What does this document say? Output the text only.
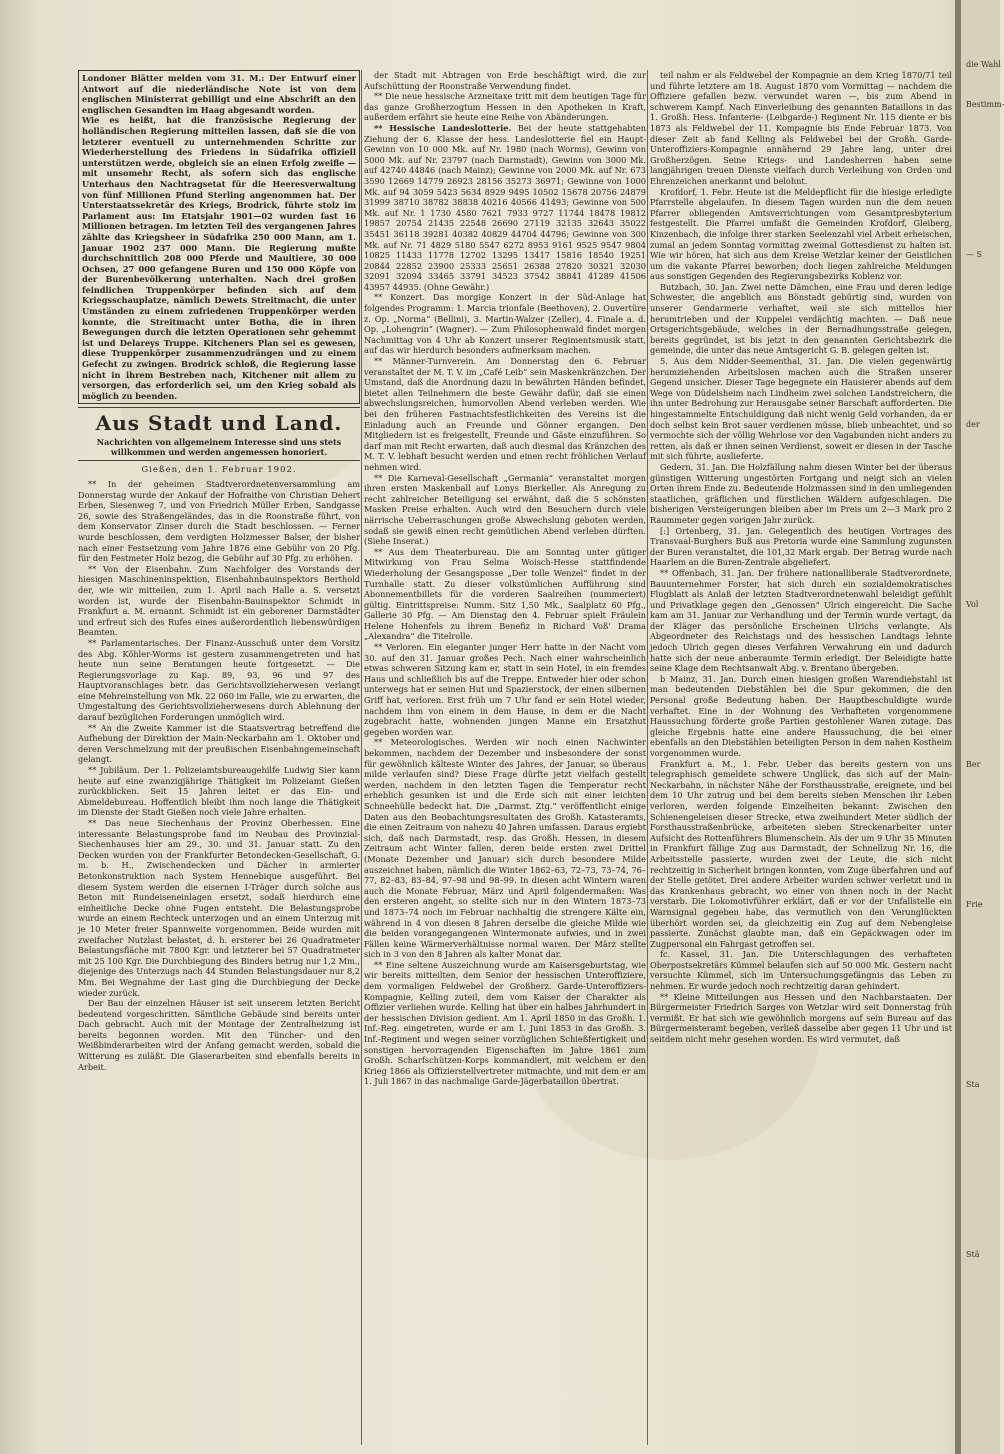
Londoner Blätter melden vom 31. M.: Der Entwurf einer Antwort auf die niederländische Note ist von dem englischen Ministerrat gebilligt und eine Abschrift an den englischen Gesandten im Haag abgesandt worden.

Wie es heißt, hat die französische Regierung der holländischen Regierung mitteilen lassen, daß sie die von letzterer eventuell zu unternehmenden Schritte zur Wiederherstellung des Friedens in Südafrika offiziell unterstützen werde, obgleich sie an einen Erfolg zweifle — mit unsomehr Recht, als sofern sich das englische Unterhaus den Nachtragsetat für die Heeresverwaltung von fünf Millionen Pfund Sterling angenommen hat. Der Unterstaatssekretär des Kriegs, Brodrick, führte stolz im Parlament aus: Im Etatsjahr 1901—02 wurden fast 16 Millionen betragen. Im letzten Teil des vergangenen Jahres zählte das Kriegsheer in Südafrika 250 000 Mann, am 1. Januar 1902 237 000 Mann. Die Regierung mußte durchschnittlich 208 000 Pferde und Maultiere, 30 000 Ochsen, 27 000 gefangene Buren und 150 000 Köpfe von der Burenbevölkerung unterhalten. Nach drei großen feindlichen Truppenkörper befinden sich auf dem Kriegsschauplatze, nämlich Dewets Streitmacht, die unter Umständen zu einem zufriedenen Truppenkörper werden konnte, die Streitmacht unter Botha, die in ihren Bewegungen durch die letzten Operationen sehr gehemmt ist und Delareys Truppe. Kitcheners Plan sei es gewesen, diese Truppenkörper zusammenzudrängen und zu einem Gefecht zu zwingen. Brodrick schloß, die Regierung lasse nicht in ihrem Bestreben nach, Kitchener mit allem zu versorgen, das erforderlich sei, um den Krieg sobald als möglich zu beenden.

Aus Stadt und Land.
Nachrichten von allgemeinem Interesse sind uns stets willkommen und werden angemessen honoriert.
Gießen, den 1. Februar 1902.

** In der geheimen Stadtverordnetenversammlung am Donnerstag wurde der Ankauf der Hofraithe von Christian Dehert Erben, Siesenweg 7, und von Friedrich Müller Erben, Sandgasse 26, sowie des Straßengeländes, das in die Roonstraße führt, von dem Konservator Zinser durch die Stadt beschlossen. — Ferner wurde beschlossen, dem verdigten Holzmesser Balser, der bisher nach einer Festsetzung vom Jahre 1876 eine Gebühr von 20 Pfg. für den Festmeter Holz bezog, die Gebühr auf 30 Pfg. zu erhöhen.

** Von der Eisenbahn. Zum Nachfolger des Vorstands der hiesigen Maschineninspektion, Eisenbahnbauinspektors Berthold der, wie wir mitteilen, zum 1. April nach Halle a. S. versetzt worden ist, wurde der Eisenbahn-Bauinspektor Schmidt in Frankfurt a. M. ernannt. Schmidt ist ein geborener Darmstädter und erfreut sich des Rufes eines außerordentlich liebenswürdigen Beamten.

** Parlamentarisches. Der Finanz-Ausschuß unter dem Vorsitz des Abg. Köhler-Worms ist gestern zusammengetreten und hat heute nun seine Beratungen heute fortgesetzt. — Die Regierungsvorlage zu Kap. 89, 93, 96 und 97 des Hauptvoranschlages betr. das Gerichtsvollzieherwesen verlangt eine Mehreinstellung von Mk. 22 060 im Falle, wie zu erwarten, die Umgestaltung des Gerichtsvollzieherwesens durch Ablehnung der darauf bezüglichen Forderungen unmöglich wird.

** An die Zweite Kammer ist die Staatsvertrag betreffend die Aufhebung der Direktion der Main-Neckarbahn am 1. Oktober und deren Verschmelzung mit der preußischen Eisenbahngemeinschaft gelangt.

** Jubiläum. Der 1. Polizeiamtsbureaugehilfe Ludwig Sier kann heute auf eine zwanzigjährige Thätigkeit im Polizeiamt Gießen zurückblicken. Seit 15 Jahren leitet er das Ein- und Abmeldebureau. Hoffentlich bleibt ihm noch lange die Thätigkeit im Dienste der Stadt Gießen noch viele Jahre erhalten.

** Das neue Siechenhaus der Provinz Oberhessen. Eine interessante Belastungsprobe fand im Neubau des Provinzial-Siechenhauses hier am 29., 30. und 31. Januar statt. Zu den Decken wurden von der Frankfurter Betondecken-Gesellschaft, G. m. b. H., Zwischendecken und Dächer in armierter Betonkonstruktion nach System Hennebique ausgeführt. Bei diesem System werden die eisernen I-Träger durch solche aus Beton mit Rundeiseneinlagen ersetzt, sodaß hierdurch eine einheitliche Decke ohne Fugen entsteht. Die Belastungsprobe wurde an einem Rechteck unterzogen und an einem Unterzug mit je 10 Meter freier Spannweite vorgenommen. Beide wurden mit zweifacher Nutzlast belastet, d. h. ersterer bei 26 Quadratmeter Belastungsfläche mit 7800 Kgr. und letzterer bei 57 Quadratmeter mit 25 100 Kgr. Die Durchbiegung des Binders betrug nur 1,2 Mm., diejenige des Unterzugs nach 44 Stunden Belastungsdauer nur 8,2 Mm. Bei Wegnahme der Last ging die Durchbiegung der Decke wieder zurück.

Der Bau der einzelnen Häuser ist seit unserem letzten Bericht bedeutend vorgeschritten. Sämtliche Gebäude sind bereits unter Dach gebracht. Auch mit der Montage der Zentralheizung ist bereits begonnen worden. Mit den Tüncher- und den Weißbinderarbeiten wird der Anfang gemacht werden, sobald die Witterung es zuläßt. Die Glaserarbeiten sind ebenfalls bereits in Arbeit.

der Stadt mit Abtragen von Erde beschäftigt wird, die zur Aufschüttung der Roonstraße Verwendung findet.

** Die neue hessische Arzneitaxe tritt mit dem heutigen Tage für das ganze Großherzogtum Hessen in den Apotheken in Kraft, außerdem erfährt sie heute eine Reihe von Abänderungen.

** Hessische Landeslotterie. Bei der heute stattgehabten Ziehung der 6. Klasse der hess. Landeslotterie fiel ein Haupt-Gewinn von 10 000 Mk. auf Nr. 1980 (nach Worms), Gewinn von 5000 Mk. auf Nr. 23797 (nach Darmstadt), Gewinn von 3000 Mk. auf 42740 44846 (nach Mainz); Gewinne von 2000 Mk. auf Nr. 673 3590 12669 14779 26923 28156 35273 36971; Gewinne von 1000 Mk. auf 94 3059 5423 5634 8929 9495 10502 15678 20756 24879 31999 38710 38782 38838 40216 40566 41493; Gewinne von 500 Mk. auf Nr. 1 1730 4580 7621 7933 9727 11744 18478 19812 19857 20754 21435 22548 26690 27119 32135 32643 35022 35451 36118 39281 40382 40829 44704 44796; Gewinne von 300 Mk. auf Nr. 71 4829 5180 5547 6272 8953 9161 9525 9547 9804 10825 11433 11778 12702 13295 13417 15816 18540 19251 20844 22852 23900 25333 25651 26388 27820 30321 32030 32091 32094 33465 33791 34523 37542 38841 41289 41506 43957 44935. (Ohne Gewähr.)

** Konzert. Das morgige Konzert in der Süd-Anlage hat folgendes Programm: 1. Marcia trionfale (Beethoven), 2. Ouvertüre z. Op. „Norma“ (Bellini), 3. Martin-Walzer (Zeller), 4. Finale a. d. Op. „Lohengrin“ (Wagner). — Zum Philosophenwald findet morgen Nachmittag von 4 Uhr ab Konzert unserer Regimentsmusik statt, auf das wir hierdurch besonders aufmerksam machen.

** Männer-Turnverein. Am Donnerstag den 6. Februar veranstaltet der M. T. V. im „Café Leib“ sein Maskenkränzchen. Der Umstand, daß die Anordnung dazu in bewährten Händen befindet, bietet allen Teilnehmern die beste Gewähr dafür, daß sie einen abwechslungsreichen, humorvollen Abend verleben werden. Wie bei den früheren Fastnachtsfestlichkeiten des Vereins ist die Einladung auch an Freunde und Gönner ergangen. Den Mitgliedern ist es freigestellt, Freunde und Gäste einzuführen. So darf man mit Recht erwarten, daß auch diesmal das Kränzchen des M. T. V. lebhaft besucht werden und einen recht fröhlichen Verlauf nehmen wird.

** Die Karneval-Gesellschaft „Germania“ veranstaltet morgen ihren ersten Maskenball auf Lonys Bierkeller. Als Anregung zu recht zahlreicher Beteiligung sei erwähnt, daß die 5 schönsten Masken Preise erhalten. Auch wird den Besuchern durch viele närrische Ueberraschungen große Abwechslung geboten werden, sodaß sie gewiß einen recht gemütlichen Abend verleben dürften. (Siehe Inserat.)

** Aus dem Theaterbureau. Die am Sonntag unter gütiger Mitwirkung von Frau Selma Woisch-Hesse stattfindende Wiederholung der Gesangsposse „Der tolle Wenzel“ findet in der Turnhalle statt. Zu dieser volkstümlichen Aufführung sind Abonnementbillets für die vorderen Saalreihen (nummeriert) gültig. Eintrittspreise: Numm. Sitz 1,50 Mk., Saalplatz 60 Pfg., Gallerie 30 Pfg. — Am Dienstag den 4. Februar spielt Fräulein Helene Hohenfels zu ihrem Benefiz in Richard Voß' Drama „Alexandra“ die Titelrolle.

** Verloren. Ein eleganter junger Herr hatte in der Nacht vom 30. auf den 31. Januar großes Pech. Nach einer wahrscheinlich etwas schweren Sitzung kam er, statt in sein Hotel, in ein fremdes Haus und schließlich bis auf die Treppe. Entweder hier oder schon unterwegs hat er seinen Hut und Spazierstock, der einen silbernen Griff hat, verloren. Erst früh um 7 Uhr fand er sein Hotel wieder, nachdem ihm von einem in dem Hause, in dem er die Nacht zugebracht hatte, wohnenden jungen Manne ein Ersatzhut gegeben worden war.

** Meteorologisches. Werden wir noch einen Nachwinter bekommen, nachdem der Dezember und insbesondere der sonst für gewöhnlich kälteste Winter des Jahres, der Januar, so überaus milde verlaufen sind? Diese Frage dürfte jetzt vielfach gestellt werden, nachdem in den letzten Tagen die Temperatur recht erheblich gesunken ist und die Erde sich mit einer leichten Schneehülle bedeckt hat. Die „Darmst. Ztg.“ veröffentlicht einige Daten aus den Beobachtungsresultaten des Großh. Katasteramts, die einen Zeitraum von nahezu 40 Jahren umfassen. Daraus ergiebt sich, daß nach Darmstadt, resp. das Großh. Hessen, in diesem Zeitraum acht Winter fallen, deren beide ersten zwei Drittel (Monate Dezember und Januar) sich durch besondere Milde auszeichnet haben, nämlich die Winter 1862–63, 72–73, 73–74, 76–77, 82–83, 83–84, 97–98 und 98–99. In diesen acht Wintern waren auch die Monate Februar, März und April folgendermaßen: Was den ersteren angeht, so stellte sich nur in den Wintern 1873–73 und 1873–74 noch im Februar nachhaltig die strengere Kälte ein, während in 4 von diesen 8 Jahren derselbe die gleiche Milde wie die beiden vorangegangenen Wintermonate aufwies, und in zwei Fällen keine Wärmerverhältnisse normal waren. Der März stellte sich in 3 von den 8 Jahren als kalter Monat dar.

** Eine seltene Auszeichnung wurde am Kaisersgeburtstag, wie wir bereits mitteilten, dem Senior der hessischen Unteroffiziere, dem vormaligen Feldwebel der Großherz. Garde-Unteroffiziers-Kompagnie, Kelling zuteil, dem vom Kaiser der Charakter als Offizier verliehen wurde. Kelling hat über ein halbes Jahrhundert in der hessischen Division gedient. Am 1. April 1850 in das Großh. 1. Inf.-Reg. eingetreten, wurde er am 1. Juni 1853 in das Großh. 3. Inf.-Regiment und wegen seiner vorzüglichen Schießfertigkeit und sonstigen hervorragenden Eigenschaften im Jahre 1861 zum Großh. Scharfschützen-Korps kommandiert, mit welchem er den Krieg 1866 als Offizierstellvertreter mitmachte, und mit dem er am 1. Juli 1867 in das nachmalige Garde-Jägerbataillon übertrat.

teil nahm er als Feldwebel der Kompagnie an dem Krieg 1870/71 teil und führte letztere am 18. August 1870 vom Vormittag — nachdem die Offiziere gefallen bezw. verwundet waren —, bis zum Abend in schwerem Kampf. Nach Einverleibung des genannten Bataillons in das 1. Großh. Hess. Infanterie- (Leibgarde-) Regiment Nr. 115 diente er bis 1873 als Feldwebel der 11. Kompagnie bis Ende Februar 1873. Von dieser Zeit ab fand Kelling als Feldwebel bei der Großh. Garde-Unteroffiziers-Kompagnie annähernd 29 Jahre lang, unter drei Großherzögen. Seine Kriegs- und Landesherren haben seine langjährigen treuen Dienste vielfach durch Verleihung von Orden und Ehrenzeichen anerkannt und belohnt.

Krofdorf, 1. Febr. Heute ist die Meldepflicht für die hiesige erledigte Pfarrstelle abgelaufen. In diesem Tagen wurden nun die dem neuen Pfarrer obliegenden Amtsverrichtungen vom Gesamtpresbyterium festgestellt. Die Pfarrei umfaßt die Gemeinden Krofdorf, Gleiberg, Kinzenbach, die infolge ihrer starken Seelenzahl viel Arbeit erheischen, zumal an jedem Sonntag vormittag zweimal Gottesdienst zu halten ist. Wie wir hören, hat sich aus dem Kreise Wetzlar keiner der Geistlichen um die vakante Pfarrei beworben; doch liegen zahlreiche Meldungen aus sonstigen Gegenden des Regierungsbezirks Koblenz vor.

Butzbach, 30. Jan. Zwei nette Dämchen, eine Frau und deren ledige Schwester, die angeblich aus Bönstadt gebürtig sind, wurden von unserer Gendarmerie verhaftet, weil sie sich mittellos hier herumtrieben und der Kuppelei verdächtig machten. — Daß neue Ortsgerichtsgebäude, welches in der Bernadhungsstraße gelegen, bereits gegründet, ist bis jetzt in den genannten Gerichtsbezirk die gemeinde, die unter das neue Amtsgericht G. B. gelegen gelten ist.

5. Aus dem Nidder-Seementhal, 31. Jan. Die vielen gegenwärtig herumziehenden Arbeitslosen machen auch die Straßen unserer Gegend unsicher. Dieser Tage begegnete ein Hausierer abends auf dem Wege von Düdelsheim nach Lindheim zwei solchen Landstreichern, die ihn unter Bedrohung zur Herausgabe seiner Barschaft aufforderten. Die hingestammelte Entschuldigung daß nicht wenig Geld vorhanden, da er doch selbst kein Brot sauer verdienen müsse, blieb unbeachtet, und so vermochte sich der völlig Wehrlose vor den Vagabunden nicht anders zu retten, als daß er ihnen seinen Verdienst, soweit er diesen in der Tasche mit sich führte, auslieferte.

Gedern, 31. Jan. Die Holzfällung nahm diesen Winter bei der überaus günstigen Witterung ungestörten Fortgang und neigt sich an vielen Orten ihrem Ende zu. Bedeutende Holzmassen sind in den umliegenden staatlichen, gräflichen und fürstlichen Wäldern aufgeschlagen. Die bisherigen Versteigerungen bleiben aber im Preis um 2—3 Mark pro 2 Raummeter gegen vorigen Jahr zurück.

[:] Ortenberg, 31. Jan. Gelegentlich des heutigen Vortrages des Transvaal-Burghers Buß aus Pretoria wurde eine Sammlung zugunsten der Buren veranstaltet, die 101,32 Mark ergab. Der Betrag wurde nach Haarlem an die Buren-Zentrale abgeliefert.

** Offenbach, 31. Jan. Der frühere nationalliberale Stadtverordnete, Bauunternehmer Forster, hat sich durch ein sozialdemokratisches Flugblatt als Anlaß der letzten Stadtverordnetenwahl beleidigt gefühlt und Privatklage gegen den „Genossen“ Ulrich eingereicht. Die Sache kam am 31. Januar zur Verhandlung und der Termin wurde vertagt, da der Kläger das persönliche Erscheinen Ulrichs verlangte. Als Abgeordneter des Reichstags und des hessischen Landtags lehnte jedoch Ulrich gegen dieses Verfahren Verwahrung ein und dadurch hatte sich der neue anberaumte Termin erledigt. Der Beleidigte hatte seine Klage dem Rechtsanwalt Abg. v. Brentano übergeben.

b Mainz, 31. Jan. Durch einen hiesigen großen Warendiebstahl ist man bedeutenden Diebstählen bei die Spur gekommen, die den Personal große Bedeutung haben. Der Hauptbeschuldigte wurde verhaftet. Eine in der Wohnung des Verhafteten vorgenommene Haussuchung förderte große Partien gestohlener Waren zutage. Das gleiche Ergebnis hatte eine andere Haussuchung, die bei einer ebenfalls an den Diebstählen beteiligten Person in dem nahen Kostheim vorgenommen wurde.

Frankfurt a. M., 1. Febr. Ueber das bereits gestern von uns telegraphisch gemeldete schwere Unglück, das sich auf der Main-Neckarbahn, in nächster Nähe der Forsthausstraße, ereignete, und bei dem 10 Uhr zutrug und bei dem bereits sieben Menschen ihr Leben verloren, werden folgende Einzelheiten bekannt: Zwischen den Schienengeleisen dieser Strecke, etwa zweihundert Meter südlich der Forsthausstraßenbrücke, arbeiteten sieben Streckenarbeiter unter Aufsicht des Rottenführers Blumenschein. Als der um 9 Uhr 35 Minuten in Frankfurt fällige Zug aus Darmstadt, der Schnellzug Nr. 16, die Arbeitsstelle passierte, wurden zwei der Leute, die sich nicht rechtzeitig in Sicherheit bringen konnten, vom Zuge überfahren und auf der Stelle getötet. Drei andere Arbeiter wurden schwer verletzt und in das Krankenhaus gebracht, wo einer von ihnen noch in der Nacht verstarb. Die Lokomotivführer erklärt, daß er vor der Unfallstelle ein Warnsignal gegeben habe, das vermutlich von den Verunglückten überhört worden sei, da gleichzeitig ein Zug auf dem Nebengleise passierte. Zunächst glaubte man, daß ein Gepäckwagen oder im Zugpersonal ein Fahrgast getroffen sei.

fc. Kassel, 31. Jan. Die Unterschlagungen des verhafteten Oberpostsekretärs Kümmel belaufen sich auf 50 000 Mk. Gestern nacht versuchte Kümmel, sich im Untersuchungsgefängnis das Leben zu nehmen. Er wurde jedoch noch rechtzeitig daran gehindert.

** Kleine Mitteilungen aus Hessen und den Nachbarstaaten. Der Bürgermeister Friedrich Sarges von Wetzlar wird seit Donnerstag früh vermißt. Er hat sich wie gewöhnlich morgens auf sein Bureau auf das Bürgermeisteramt begeben, verließ dasselbe aber gegen 11 Uhr und ist seitdem nicht mehr gesehen worden. Es wird vermutet, daß

die Wahl
Bestimm-
— S
der
Vol
Ber
Frie
Sta
Stä
